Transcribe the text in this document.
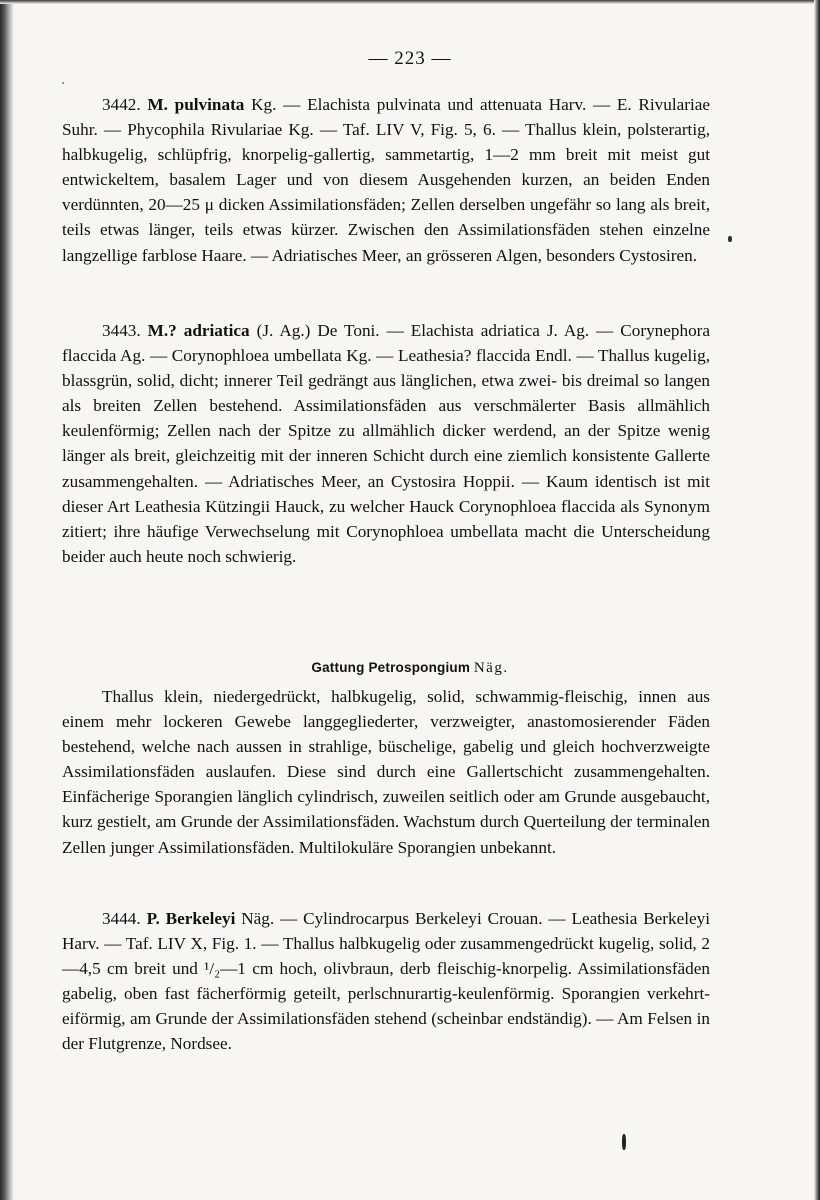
— 223 —

3442. M. pulvinata Kg. — Elachista pulvinata und attenuata Harv. — E. Rivulariae Suhr. — Phycophila Rivulariae Kg. — Taf. LIV V, Fig. 5, 6. — Thallus klein, polsterartig, halbkugelig, schlüpfrig, knorpelig-gallertig, sammetartig, 1—2 mm breit mit meist gut entwickeltem, basalem Lager und von diesem Ausgehenden kurzen, an beiden Enden verdünnten, 20—25 μ dicken Assimilationsfäden; Zellen derselben ungefähr so lang als breit, teils etwas länger, teils etwas kürzer. Zwischen den Assimilationsfäden stehen einzelne langzellige farblose Haare. — Adriatisches Meer, an grösseren Algen, besonders Cystosiren.

3443. M.? adriatica (J. Ag.) De Toni. — Elachista adriatica J. Ag. — Corynephora flaccida Ag. — Corynophloea umbellata Kg. — Leathesia? flaccida Endl. — Thallus kugelig, blassgrün, solid, dicht; innerer Teil gedrängt aus länglichen, etwa zwei- bis dreimal so langen als breiten Zellen bestehend. Assimilationsfäden aus verschmälerter Basis allmählich keulenförmig; Zellen nach der Spitze zu allmählich dicker werdend, an der Spitze wenig länger als breit, gleichzeitig mit der inneren Schicht durch eine ziemlich konsistente Gallerte zusammengehalten. — Adriatisches Meer, an Cystosira Hoppii. — Kaum identisch ist mit dieser Art Leathesia Kützingii Hauck, zu welcher Hauck Corynophloea flaccida als Synonym zitiert; ihre häufige Verwechselung mit Corynophloea umbellata macht die Unterscheidung beider auch heute noch schwierig.

Gattung Petrospongium Näg.

Thallus klein, niedergedrückt, halbkugelig, solid, schwammig-fleischig, innen aus einem mehr lockeren Gewebe langgegliederter, verzweigter, anastomosierender Fäden bestehend, welche nach aussen in strahlige, büschelige, gabelig und gleich hochverzweigte Assimilationsfäden auslaufen. Diese sind durch eine Gallertschicht zusammengehalten. Einfächerige Sporangien länglich cylindrisch, zuweilen seitlich oder am Grunde ausgebaucht, kurz gestielt, am Grunde der Assimilationsfäden. Wachstum durch Querteilung der terminalen Zellen junger Assimilationsfäden. Multilokuläre Sporangien unbekannt.

3444. P. Berkeleyi Näg. — Cylindrocarpus Berkeleyi Crouan. — Leathesia Berkeleyi Harv. — Taf. LIV X, Fig. 1. — Thallus halbkugelig oder zusammengedrückt kugelig, solid, 2—4,5 cm breit und ¹/₂—1 cm hoch, olivbraun, derb fleischig-knorpelig. Assimilationsfäden gabelig, oben fast fächerförmig geteilt, perlschnurartig-keulenförmig. Sporangien verkehrt-eiförmig, am Grunde der Assimilationsfäden stehend (scheinbar endständig). — Am Felsen in der Flutgrenze, Nordsee.
